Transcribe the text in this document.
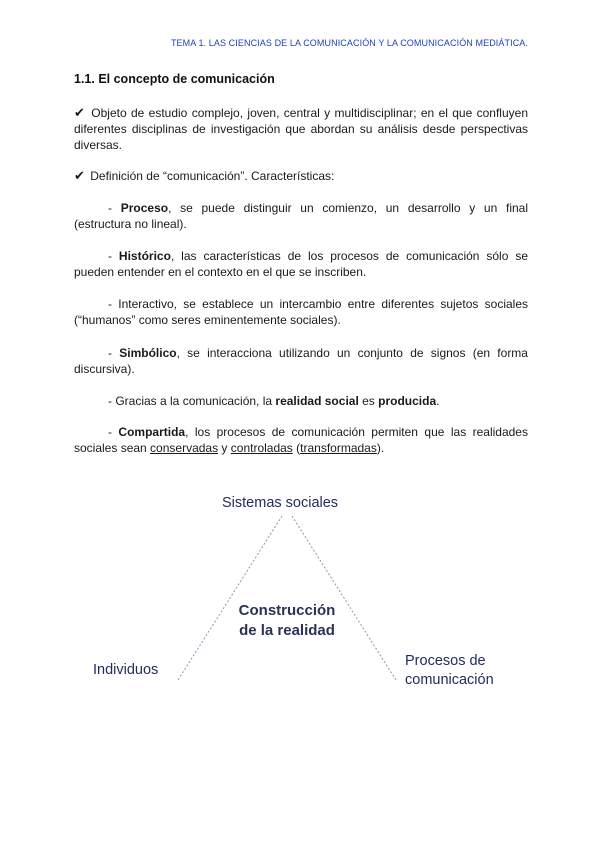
TEMA 1. LAS CIENCIAS DE LA COMUNICACIÓN Y LA COMUNICACIÓN MEDIÁTICA.
1.1. El concepto de comunicación
✔ Objeto de estudio complejo, joven, central y multidisciplinar; en el que confluyen diferentes disciplinas de investigación que abordan su análisis desde perspectivas diversas.
✔ Definición de “comunicación”. Características:
- Proceso, se puede distinguir un comienzo, un desarrollo y un final (estructura no lineal).
- Histórico, las características de los procesos de comunicación sólo se pueden entender en el contexto en el que se inscriben.
- Interactivo, se establece un intercambio entre diferentes sujetos sociales (“humanos” como seres eminentemente sociales).
- Simbólico, se interacciona utilizando un conjunto de signos (en forma discursiva).
- Gracias a la comunicación, la realidad social es producida.
- Compartida, los procesos de comunicación permiten que las realidades sociales sean conservadas y controladas (transformadas).
Sistemas sociales
Construcción
de la realidad
Individuos
Procesos de
comunicación
